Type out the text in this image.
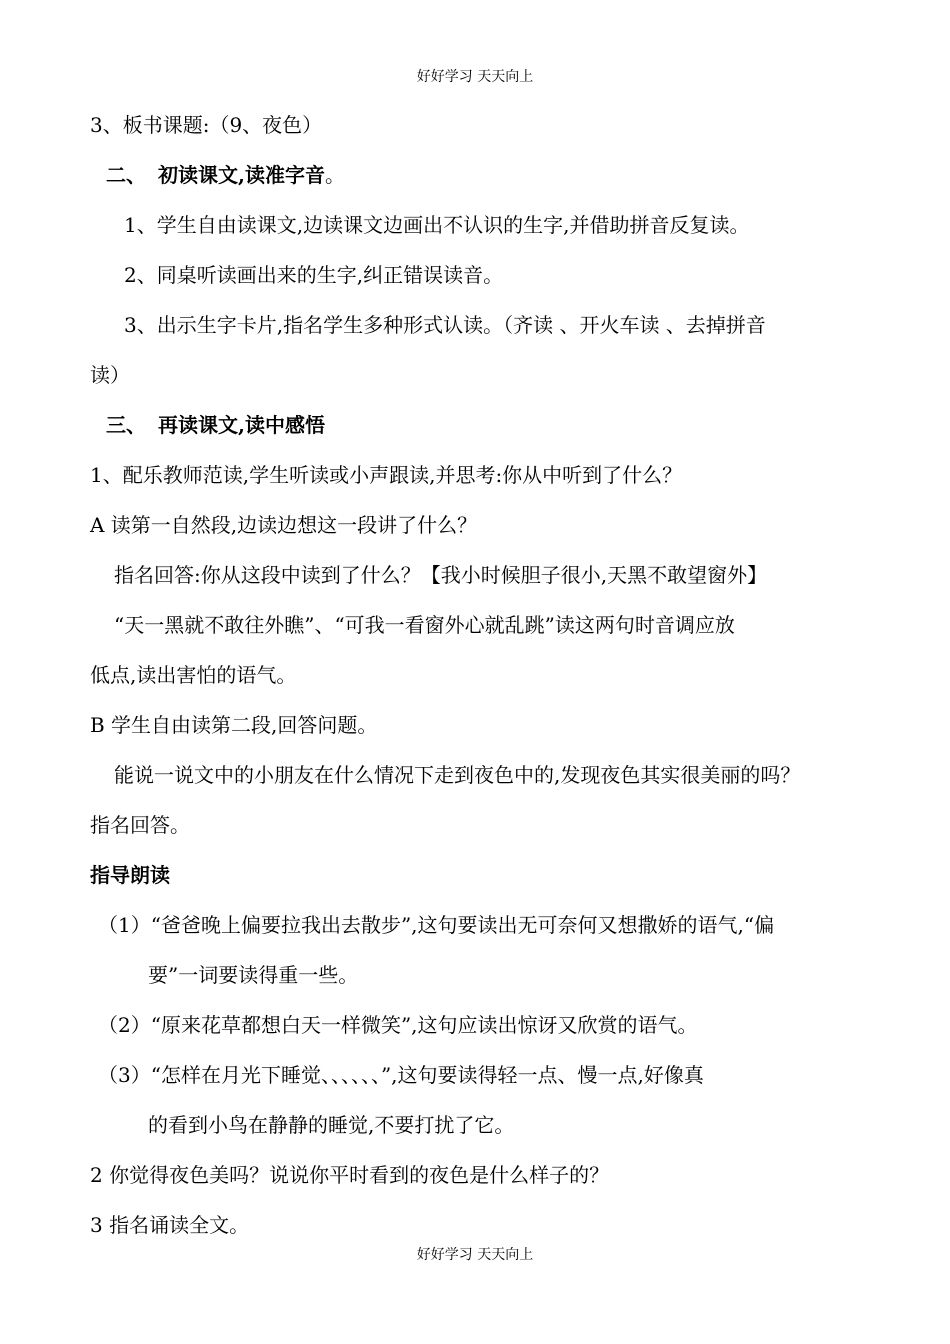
好好学习 天天向上
3、板书课题:（9、夜色）
二、 初读课文,读准字音。
1、学生自由读课文,边读课文边画出不认识的生字,并借助拼音反复读。
2、同桌听读画出来的生字,纠正错误读音。
3、出示生字卡片,指名学生多种形式认读。（齐读 、开火车读 、去掉拼音
读）
三、 再读课文,读中感悟
1、配乐教师范读,学生听读或小声跟读,并思考:你从中听到了什么？
A 读第一自然段,边读边想这一段讲了什么？
指名回答:你从这段中读到了什么？【我小时候胆子很小,天黑不敢望窗外】
“天一黑就不敢往外瞧”、“可我一看窗外心就乱跳”读这两句时音调应放
低点,读出害怕的语气。
B 学生自由读第二段,回答问题。
能说一说文中的小朋友在什么情况下走到夜色中的,发现夜色其实很美丽的吗？
指名回答。
指导朗读
（1）“爸爸晚上偏要拉我出去散步”,这句要读出无可奈何又想撒娇的语气,“偏
要”一词要读得重一些。
（2）“原来花草都想白天一样微笑”,这句应读出惊讶又欣赏的语气。
（3）“怎样在月光下睡觉、、、、、、”,这句要读得轻一点、慢一点,好像真
的看到小鸟在静静的睡觉,不要打扰了它。
2 你觉得夜色美吗？说说你平时看到的夜色是什么样子的？
3 指名诵读全文。
好好学习 天天向上
